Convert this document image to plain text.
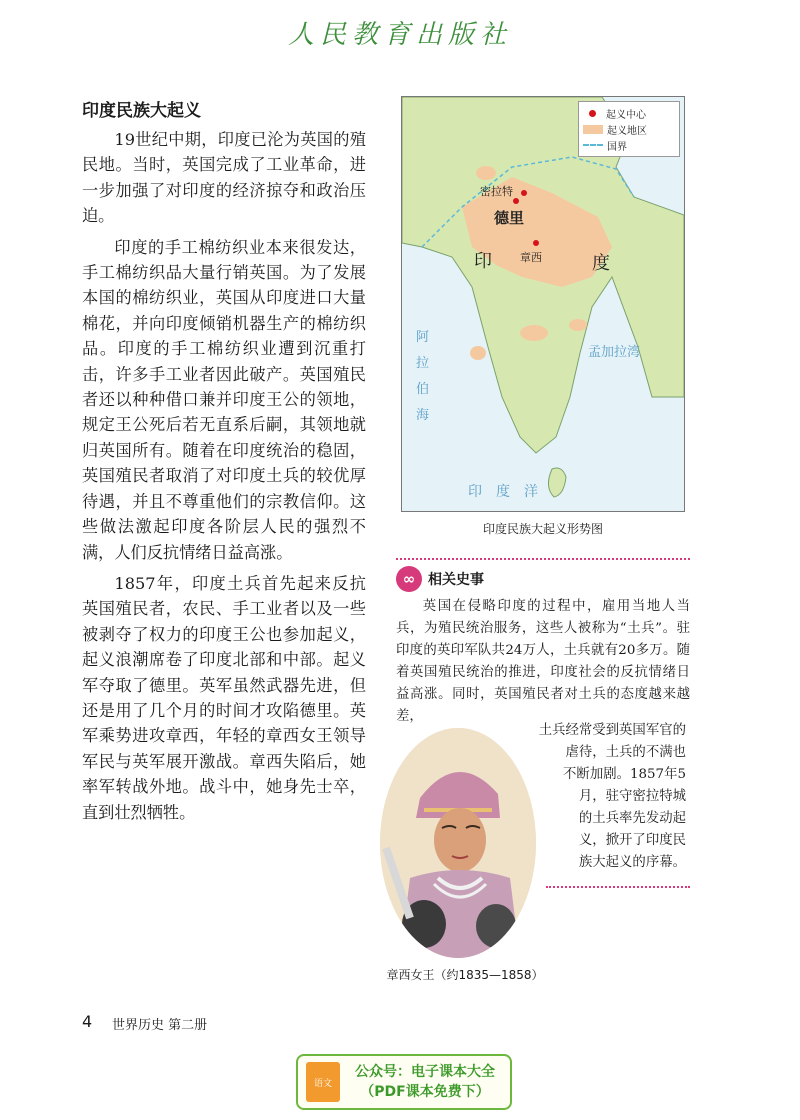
人民教育出版社
印度民族大起义

19世纪中期，印度已沦为英国的殖民地。当时，英国完成了工业革命，进一步加强了对印度的经济掠夺和政治压迫。

印度的手工棉纺织业本来很发达，手工棉纺织品大量行销英国。为了发展本国的棉纺织业，英国从印度进口大量棉花，并向印度倾销机器生产的棉纺织品。印度的手工棉纺织业遭到沉重打击，许多手工业者因此破产。英国殖民者还以种种借口兼并印度王公的领地，规定王公死后若无直系后嗣，其领地就归英国所有。随着在印度统治的稳固，英国殖民者取消了对印度土兵的较优厚待遇，并且不尊重他们的宗教信仰。这些做法激起印度各阶层人民的强烈不满，人们反抗情绪日益高涨。

1857年，印度土兵首先起来反抗英国殖民者，农民、手工业者以及一些被剥夺了权力的印度王公也参加起义，起义浪潮席卷了印度北部和中部。起义军夺取了德里。英军虽然武器先进，但还是用了几个月的时间才攻陷德里。英军乘势进攻章西，年轻的章西女王领导军民与英军展开激战。章西失陷后，她率军转战外地。战斗中，她身先士卒，直到壮烈牺牲。

起义中心
起义地区
国界
密拉特
德里
章西
印	度
阿拉伯海
孟加拉湾
印　度　洋
印度民族大起义形势图
∞ 相关史事

英国在侵略印度的过程中，雇用当地人当兵，为殖民统治服务，这些人被称为“土兵”。驻印度的英印军队共24万人，土兵就有20多万。随着英国殖民统治的推进，印度社会的反抗情绪日益高涨。同时，英国殖民者对土兵的态度越来越差，

土兵经常受到英国军官的
虐待，土兵的不满也
不断加剧。1857年5
月，驻守密拉特城
的土兵率先发动起
义，掀开了印度民
族大起义的序幕。
章西女王（约1835—1858）
4 世界历史 第二册
语文
公众号：电子课本大全
（PDF课本免费下）
